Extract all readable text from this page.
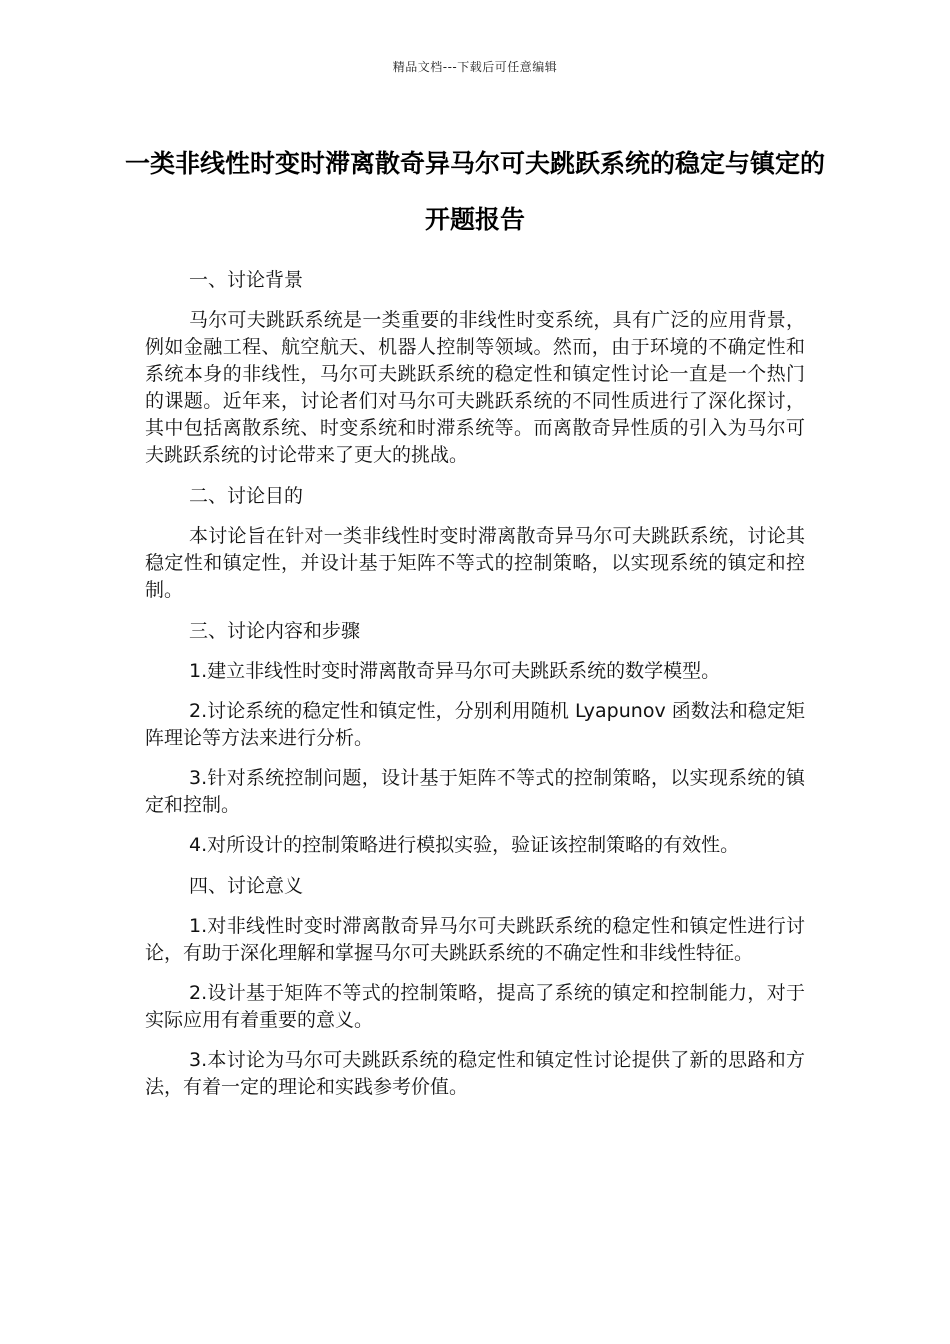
精品文档---下载后可任意编辑
一类非线性时变时滞离散奇异马尔可夫跳跃系统的稳定与镇定的开题报告
一、讨论背景

马尔可夫跳跃系统是一类重要的非线性时变系统，具有广泛的应用背景，例如金融工程、航空航天、机器人控制等领域。然而，由于环境的不确定性和系统本身的非线性，马尔可夫跳跃系统的稳定性和镇定性讨论一直是一个热门的课题。近年来，讨论者们对马尔可夫跳跃系统的不同性质进行了深化探讨，其中包括离散系统、时变系统和时滞系统等。而离散奇异性质的引入为马尔可夫跳跃系统的讨论带来了更大的挑战。

二、讨论目的

本讨论旨在针对一类非线性时变时滞离散奇异马尔可夫跳跃系统，讨论其稳定性和镇定性，并设计基于矩阵不等式的控制策略，以实现系统的镇定和控制。

三、讨论内容和步骤

1.建立非线性时变时滞离散奇异马尔可夫跳跃系统的数学模型。

2.讨论系统的稳定性和镇定性，分别利用随机 Lyapunov 函数法和稳定矩阵理论等方法来进行分析。

3.针对系统控制问题，设计基于矩阵不等式的控制策略，以实现系统的镇定和控制。

4.对所设计的控制策略进行模拟实验，验证该控制策略的有效性。

四、讨论意义

1.对非线性时变时滞离散奇异马尔可夫跳跃系统的稳定性和镇定性进行讨论，有助于深化理解和掌握马尔可夫跳跃系统的不确定性和非线性特征。

2.设计基于矩阵不等式的控制策略，提高了系统的镇定和控制能力，对于实际应用有着重要的意义。

3.本讨论为马尔可夫跳跃系统的稳定性和镇定性讨论提供了新的思路和方法，有着一定的理论和实践参考价值。
